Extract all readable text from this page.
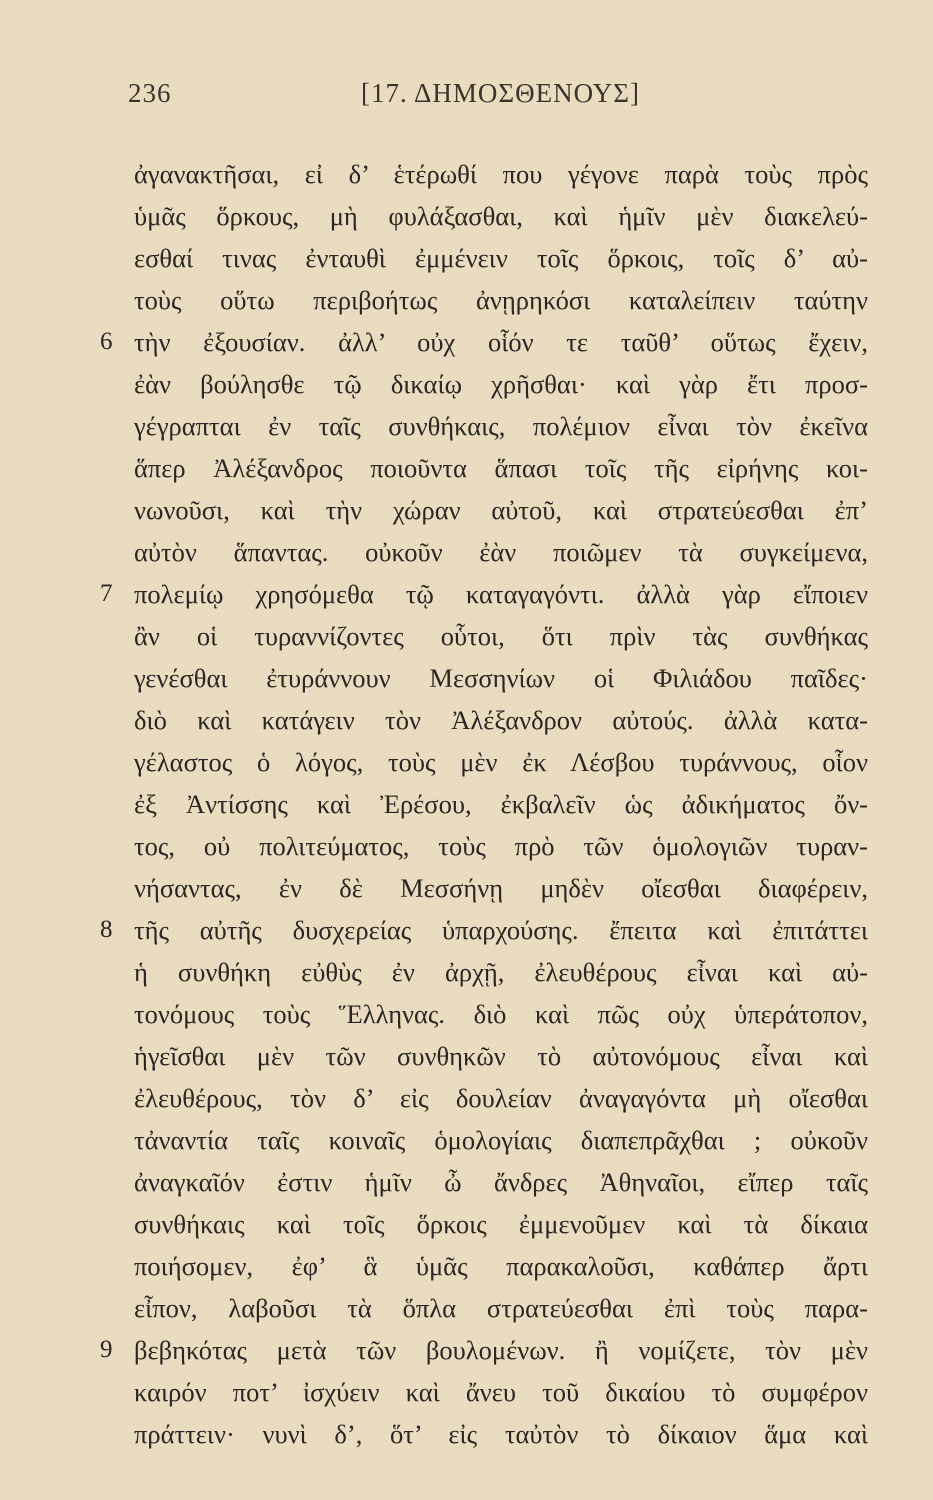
236	[17. ΔΗΜΟΣΘΕΝΟΥΣ]
ἀγανακτῆσαι, εἰ δ’ ἑτέρωθί που γέγονε παρὰ τοὺς πρὸς
ὑμᾶς ὅρκους, μὴ φυλάξασθαι, καὶ ἡμῖν μὲν διακελεύ-
εσθαί τινας ἐνταυθὶ ἐμμένειν τοῖς ὅρκοις, τοῖς δ’ αὐ-
τοὺς οὕτω περιβοήτως ἀνῃρηκόσι καταλείπειν ταύτην
6 τὴν ἐξουσίαν. ἀλλ’ οὐχ οἷόν τε ταῦθ’ οὕτως ἔχειν,
ἐὰν βούλησθε τῷ δικαίῳ χρῆσθαι· καὶ γὰρ ἔτι προσ-
γέγραπται ἐν ταῖς συνθήκαις, πολέμιον εἶναι τὸν ἐκεῖνα
ἅπερ Ἀλέξανδρος ποιοῦντα ἅπασι τοῖς τῆς εἰρήνης κοι-
νωνοῦσι, καὶ τὴν χώραν αὐτοῦ, καὶ στρατεύεσθαι ἐπ’
αὐτὸν ἅπαντας. οὐκοῦν ἐὰν ποιῶμεν τὰ συγκείμενα,
7 πολεμίῳ χρησόμεθα τῷ καταγαγόντι. ἀλλὰ γὰρ εἴποιεν
ἂν οἱ τυραννίζοντες οὗτοι, ὅτι πρὶν τὰς συνθήκας
γενέσθαι ἐτυράννουν Μεσσηνίων οἱ Φιλιάδου παῖδες·
διὸ καὶ κατάγειν τὸν Ἀλέξανδρον αὐτούς. ἀλλὰ κατα-
γέλαστος ὁ λόγος, τοὺς μὲν ἐκ Λέσβου τυράννους, οἷον
ἐξ Ἀντίσσης καὶ Ἐρέσου, ἐκβαλεῖν ὡς ἀδικήματος ὄν-
τος, οὐ πολιτεύματος, τοὺς πρὸ τῶν ὁμολογιῶν τυραν-
νήσαντας, ἐν δὲ Μεσσήνῃ μηδὲν οἴεσθαι διαφέρειν,
8 τῆς αὐτῆς δυσχερείας ὑπαρχούσης. ἔπειτα καὶ ἐπιτάττει
ἡ συνθήκη εὐθὺς ἐν ἀρχῇ, ἐλευθέρους εἶναι καὶ αὐ-
τονόμους τοὺς Ἕλληνας. διὸ καὶ πῶς οὐχ ὑπεράτοπον,
ἡγεῖσθαι μὲν τῶν συνθηκῶν τὸ αὐτονόμους εἶναι καὶ
ἐλευθέρους, τὸν δ’ εἰς δουλείαν ἀναγαγόντα μὴ οἴεσθαι
τἀναντία ταῖς κοιναῖς ὁμολογίαις διαπεπρᾶχθαι ; οὐκοῦν
ἀναγκαῖόν ἐστιν ἡμῖν ὦ ἄνδρες Ἀθηναῖοι, εἴπερ ταῖς
συνθήκαις καὶ τοῖς ὅρκοις ἐμμενοῦμεν καὶ τὰ δίκαια
ποιήσομεν, ἐφ’ ἃ ὑμᾶς παρακαλοῦσι, καθάπερ ἄρτι
εἶπον, λαβοῦσι τὰ ὅπλα στρατεύεσθαι ἐπὶ τοὺς παρα-
9 βεβηκότας μετὰ τῶν βουλομένων. ἢ νομίζετε, τὸν μὲν
καιρόν ποτ’ ἰσχύειν καὶ ἄνευ τοῦ δικαίου τὸ συμφέρον
πράττειν· νυνὶ δ’, ὅτ’ εἰς ταὐτὸν τὸ δίκαιον ἅμα καὶ
